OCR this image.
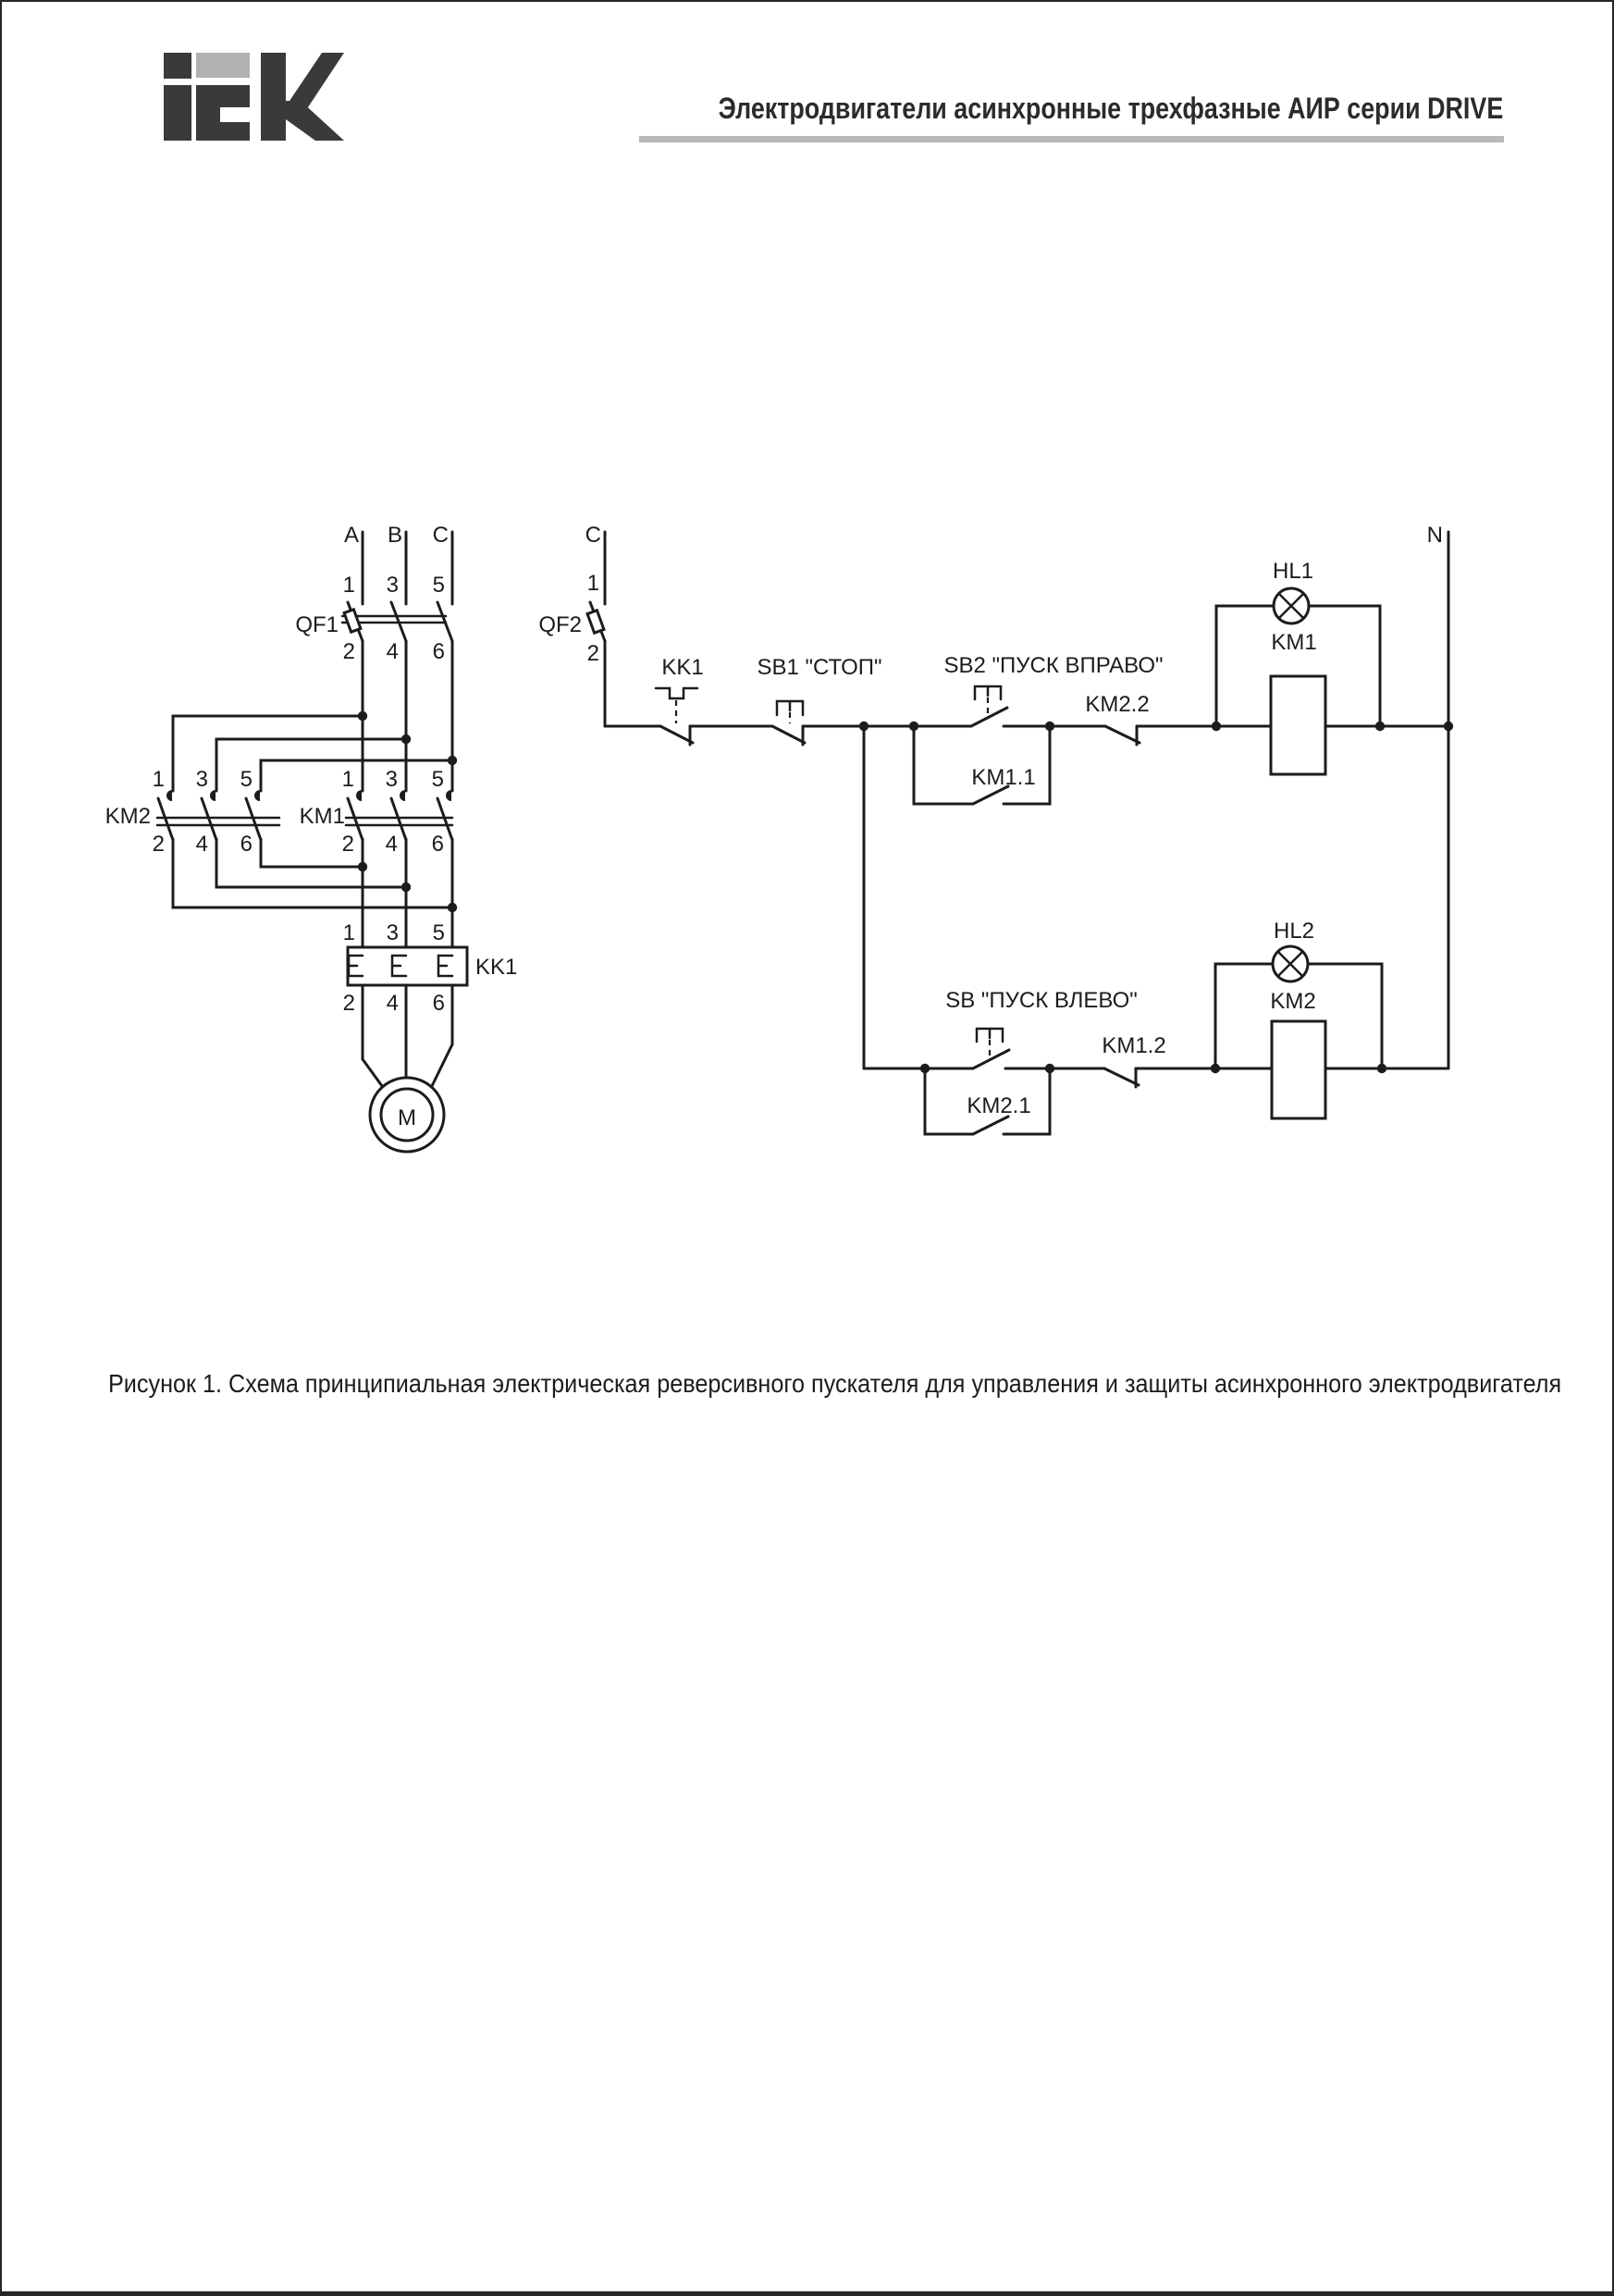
Электродвигатели асинхронные трехфазные АИР серии DRIVE
A B C
1 3 5
QF1
2 4 6
1 3 5
KM2
2 4 6
1 3 5
KM1
2 4 6
1 3 5
KK1
2 4 6
M
C	N
1
QF2
2
KK1 SB1 "СТОП"	SB2 "ПУСК ВПРАВО"
KM1.1
KM2.2
HL1
KM1
SB "ПУСК ВЛЕВО"
KM2.1
KM1.2
HL2
KM2
Рисунок 1. Схема принципиальная электрическая реверсивного пускателя для управления и защиты асинхронного электродвигателя
